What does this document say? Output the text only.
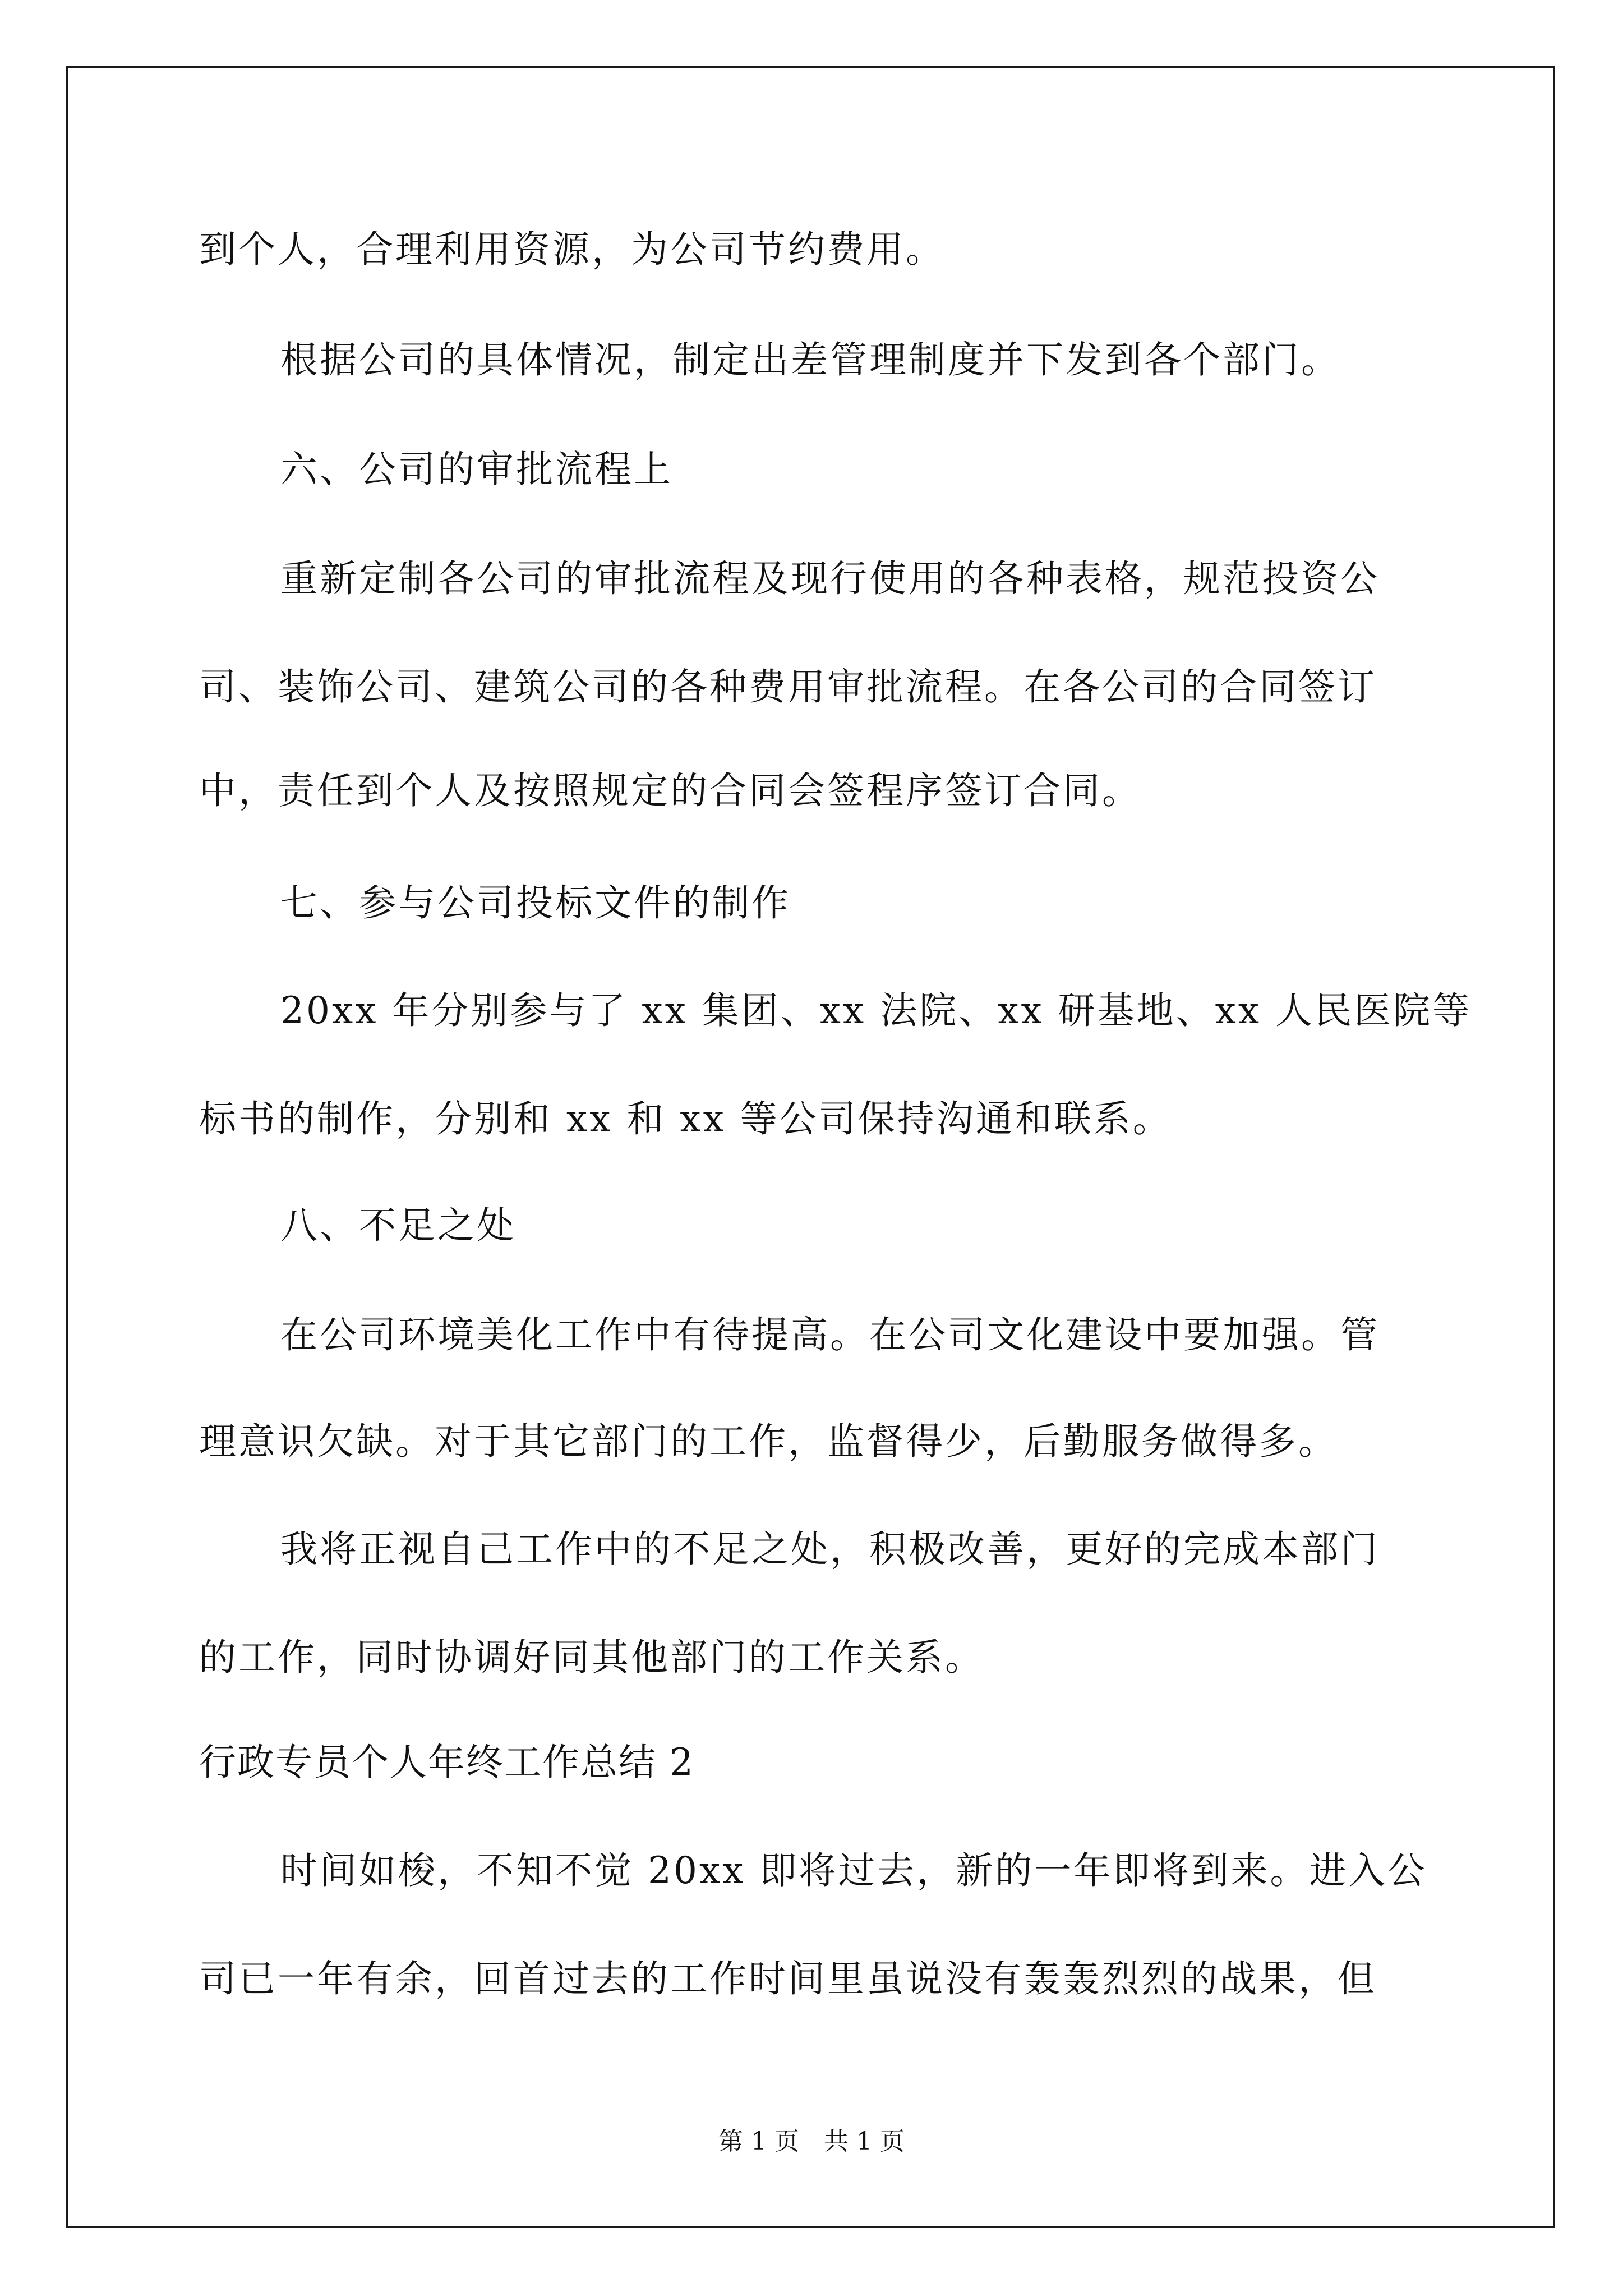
到个人，合理利用资源，为公司节约费用。

根据公司的具体情况，制定出差管理制度并下发到各个部门。

六、公司的审批流程上

重新定制各公司的审批流程及现行使用的各种表格，规范投资公

司、装饰公司、建筑公司的各种费用审批流程。在各公司的合同签订

中，责任到个人及按照规定的合同会签程序签订合同。

七、参与公司投标文件的制作

20xx 年分别参与了 xx 集团、xx 法院、xx 研基地、xx 人民医院等

标书的制作，分别和 xx 和 xx 等公司保持沟通和联系。

八、不足之处

在公司环境美化工作中有待提高。在公司文化建设中要加强。管

理意识欠缺。对于其它部门的工作，监督得少，后勤服务做得多。

我将正视自己工作中的不足之处，积极改善，更好的完成本部门

的工作，同时协调好同其他部门的工作关系。

行政专员个人年终工作总结 2

时间如梭，不知不觉 20xx 即将过去，新的一年即将到来。进入公

司已一年有余，回首过去的工作时间里虽说没有轰轰烈烈的战果，但

第 1 页　共 1 页
